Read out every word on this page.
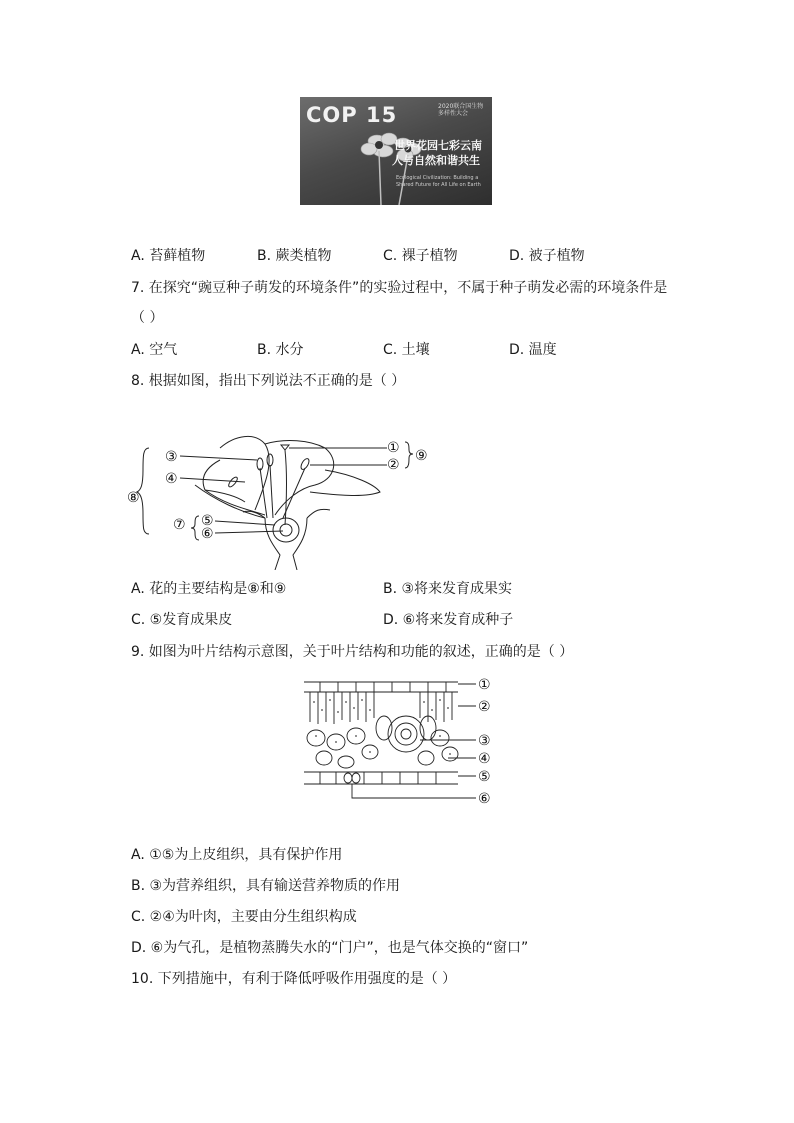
COP 15	2020联合国生物多样性大会
世界花园七彩云南
人与自然和谐共生
Ecological Civilization: Building a Shared Future for All Life on Earth
A. 苔藓植物	B. 蕨类植物	C. 裸子植物	D. 被子植物
7. 在探究“豌豆种子萌发的环境条件”的实验过程中，不属于种子萌发必需的环境条件是
（ ）
A. 空气	B. 水分	C. 土壤	D. 温度
8. 根据如图，指出下列说法不正确的是（ ）
③
④
⑧
⑦ ⑤
⑥
①
②
⑨
A. 花的主要结构是⑧和⑨	B. ③将来发育成果实
C. ⑤发育成果皮	D. ⑥将来发育成种子
9. 如图为叶片结构示意图，关于叶片结构和功能的叙述，正确的是（ ）
①
②
③
④
⑤
⑥
A. ①⑤为上皮组织，具有保护作用
B. ③为营养组织，具有输送营养物质的作用
C. ②④为叶肉，主要由分生组织构成
D. ⑥为气孔，是植物蒸腾失水的“门户”，也是气体交换的“窗口”
10. 下列措施中，有利于降低呼吸作用强度的是（ ）
